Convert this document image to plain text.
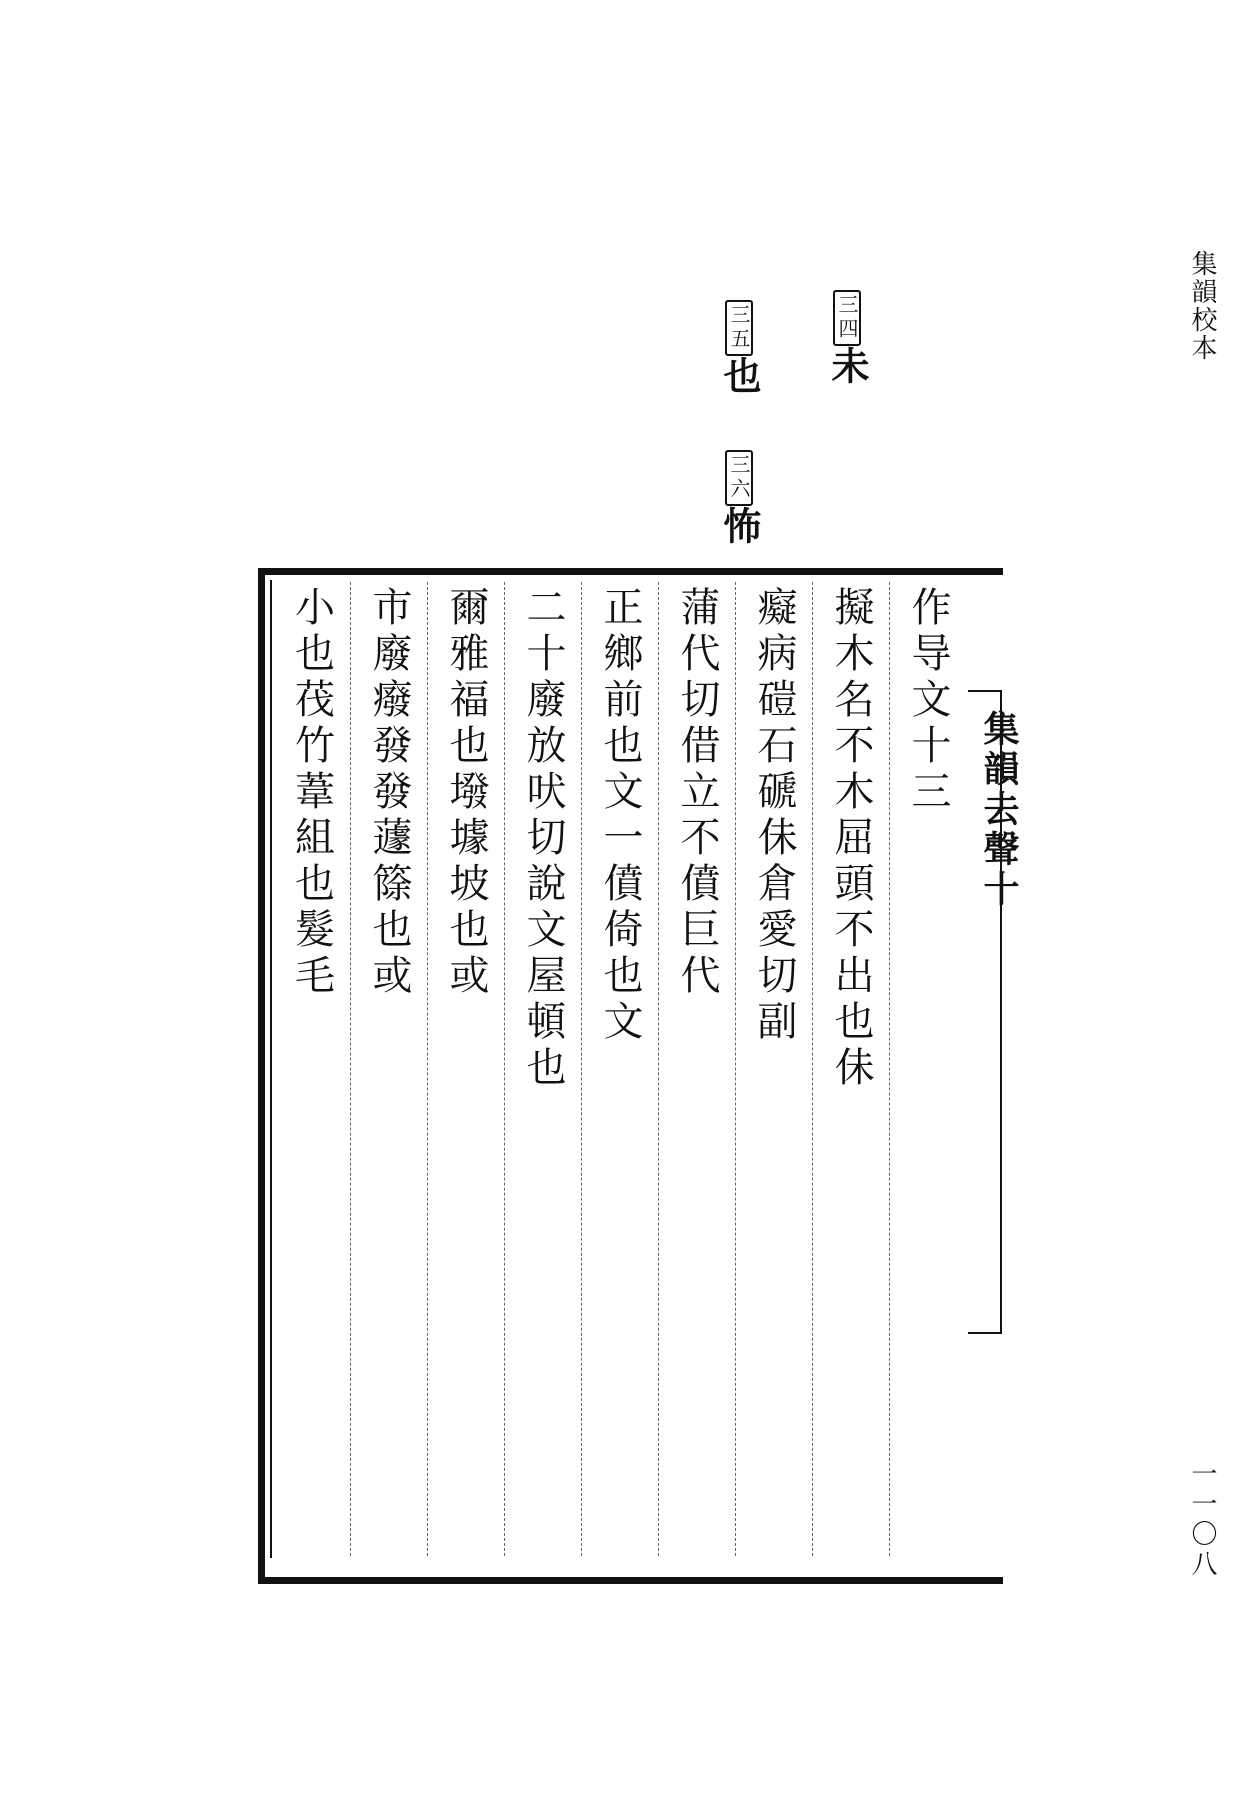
集韻校本
一一〇八
三四未
三五也
三六怖
集韻去聲十
作导文十三
擬木名不木屈頭不出也佅
癡病磑石磃佅倉愛切副
蒲代切借立不僨巨代
正鄉前也文一僨倚也文
二十廢放吠切說文屋頓也
爾雅福也墢壉坡也或
市廢癈發發蘧篨也或
小也茷竹葦組也髮毛
